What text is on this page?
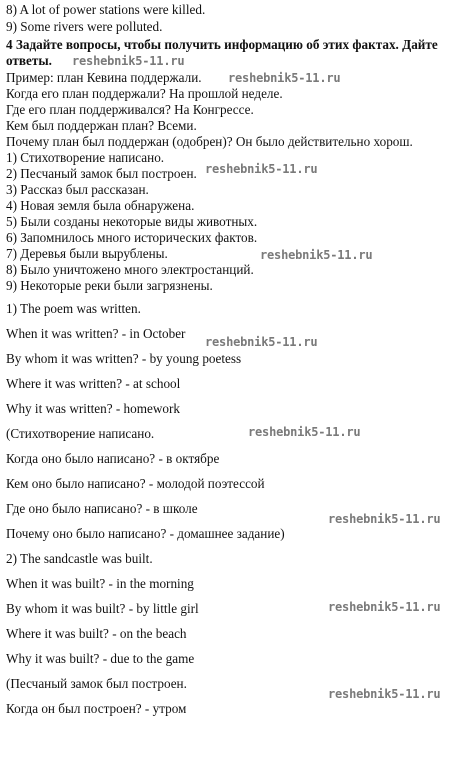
8) A lot of power stations were killed.
9) Some rivers were polluted.
4 Задайте вопросы, чтобы получить информацию об этих фактах. Дайте
ответы.
Пример: план Кевина поддержали.
Когда его план поддержали? На прошлой неделе.
Где его план поддерживался? На Конгрессе.
Кем был поддержан план? Всеми.
Почему план был поддержан (одобрен)? Он было действительно хорош.
1) Стихотворение написано.
2) Песчаный замок был построен.
3) Рассказ был рассказан.
4) Новая земля была обнаружена.
5) Были созданы некоторые виды животных.
6) Запомнилось много исторических фактов.
7) Деревья были вырублены.
8) Было уничтожено много электростанций.
9) Некоторые реки были загрязнены.
1) The poem was written.
When it was written? - in October
By whom it was written? - by young poetess
Where it was written? - at school
Why it was written? - homework
(Стихотворение написано.
Когда оно было написано? - в октябре
Кем оно было написано? - молодой поэтессой
Где оно было написано? - в школе
Почему оно было написано? - домашнее задание)
2) The sandcastle was built.
When it was built? - in the morning
By whom it was built? - by little girl
Where it was built? - on the beach
Why it was built? - due to the game
(Песчаный замок был построен.
Когда он был построен? - утром
reshebnik5-11.ru
reshebnik5-11.ru
reshebnik5-11.ru
reshebnik5-11.ru
reshebnik5-11.ru
reshebnik5-11.ru
reshebnik5-11.ru
reshebnik5-11.ru
reshebnik5-11.ru
